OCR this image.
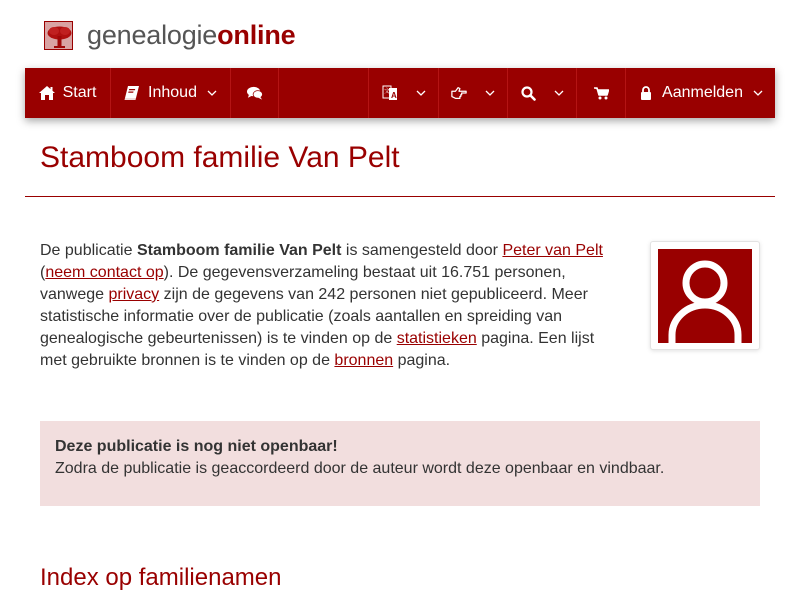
genealogieonline
Start	Inhoud	A
文	Aanmelden
Stamboom familie Van Pelt

De publicatie Stamboom familie Van Pelt is samengesteld door Peter van Pelt (neem contact op). De gegevensverzameling bestaat uit 16.751 personen, vanwege privacy zijn de gegevens van 242 personen niet gepubliceerd. Meer statistische informatie over de publicatie (zoals aantallen en spreiding van genealogische gebeurtenissen) is te vinden op de statistieken pagina. Een lijst met gebruikte bronnen is te vinden op de bronnen pagina.

Deze publicatie is nog niet openbaar!
Zodra de publicatie is geaccordeerd door de auteur wordt deze openbaar en vindbaar.
Index op familienamen
